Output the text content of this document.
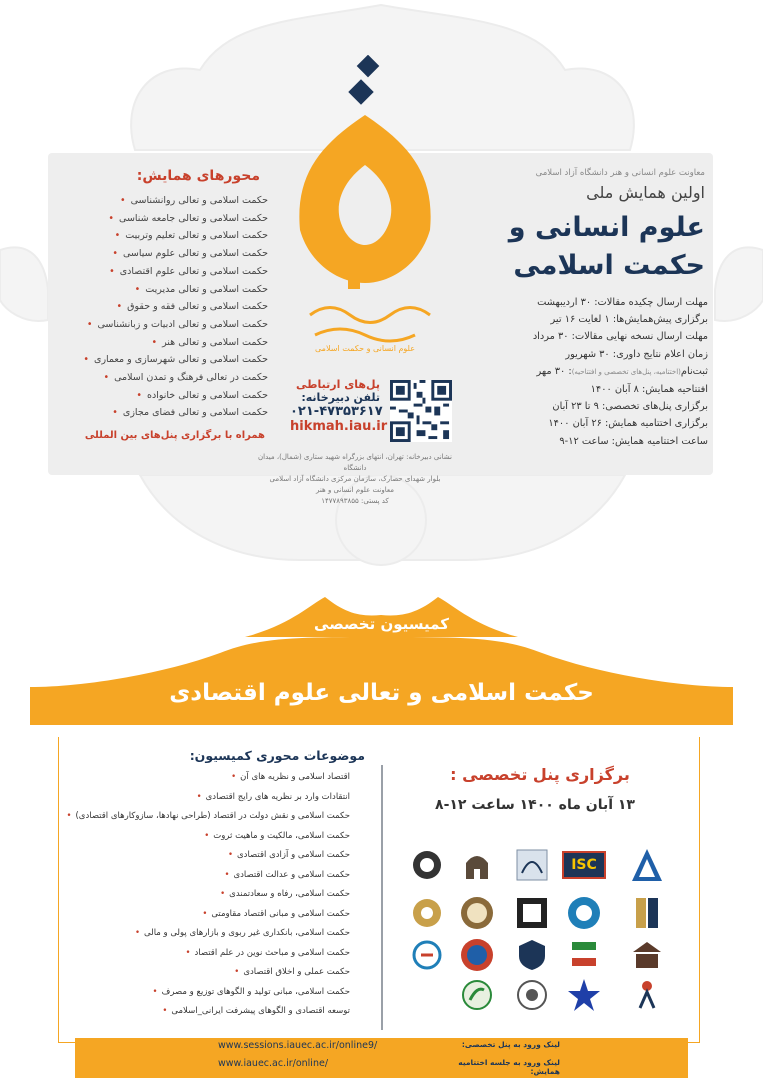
علوم انسانی و حکمت اسلامی
معاونت علوم انسانی و هنر دانشگاه آزاد اسلامی
اولین همایش ملی
علوم انسانی و
حکمت اسلامی
مهلت ارسال چکیده مقالات: ۳۰ اردیبهشت
برگزاری پیش‌همایش‌ها: ۱ لغایت ۱۶ تیر
مهلت ارسال نسخه نهایی مقالات: ۳۰ مرداد
زمان اعلام نتایج داوری: ۳۰ شهریور
ثبت‌نام(اختتامیه، پنل‌های تخصصی و افتتاحیه): ۳۰ مهر
افتتاحیه همایش: ۸ آبان ۱۴۰۰
برگزاری پنل‌های تخصصی: ۹ تا ۲۳ آبان
برگزاری اختتامیه همایش: ۲۶ آبان ۱۴۰۰
ساعت اختتامیه همایش: ساعت ۱۲-۹
محورهای همایش:
حکمت اسلامی و تعالی روانشناسی •
حکمت اسلامی و تعالی جامعه شناسی •
حکمت اسلامی و تعالی تعلیم وتربیت •
حکمت اسلامی و تعالی علوم سیاسی •
حکمت اسلامی و تعالی علوم اقتصادی •
حکمت اسلامی و تعالی مدیریت •
حکمت اسلامی و تعالی فقه و حقوق •
حکمت اسلامی و تعالی ادبیات و زبانشناسی •
حکمت اسلامی و تعالی هنر •
حکمت اسلامی و تعالی شهرسازی و معماری •
حکمت در تعالی فرهنگ و تمدن اسلامی •
حکمت اسلامی و تعالی خانواده •
حکمت اسلامی و تعالی فضای مجازی •
همراه با برگزاری پنل‌های بین المللی
پل‌های ارتباطی
تلفن دبیرخانه:
۰۲۱-۴۷۳۵۳۶۱۷
hikmah.iau.ir
نشانی دبیرخانه: تهران، انتهای بزرگراه شهید ستاری (شمال)، میدان دانشگاه
بلوار شهدای حصارک، سازمان مرکزی دانشگاه آزاد اسلامی
معاونت علوم انسانی و هنر
کد پستی: ۱۴۷۷۸۹۳۸۵۵
کمیسیون تخصصی
حکمت اسلامی و تعالی علوم اقتصادی
موضوعات محوری کمیسیون:
اقتصاد اسلامی و نظریه های آن •
انتقادات وارد بر نظریه های رایج اقتصادی •
حکمت اسلامی و نقش دولت در اقتصاد (طراحی نهادها، سازوکارهای اقتصادی) •
حکمت اسلامی، مالکیت و ماهیت ثروت •
حکمت اسلامی و آزادی اقتصادی •
حکمت اسلامی و عدالت اقتصادی •
حکمت اسلامی، رفاه و سعادتمندی •
حکمت اسلامی و مبانی اقتصاد مقاومتی •
حکمت اسلامی، بانکداری غیر ربوی و بازارهای پولی و مالی •
حکمت اسلامی و مباحث نوین در علم اقتصاد •
حکمت عملی و اخلاق اقتصادی •
حکمت اسلامی، مبانی تولید و الگوهای توزیع و مصرف •
توسعه اقتصادی و الگوهای پیشرفت ایرانی_اسلامی •
برگزاری پنل تخصصی :
۱۳ آبان ماه ۱۴۰۰ ساعت ۱۲-۸
ISC
www.sessions.iauec.ac.ir/online9/
www.iauec.ac.ir/online/
لینک ورود به پنل تخصصی:
لینک ورود به جلسه اختتامیه همایش:
